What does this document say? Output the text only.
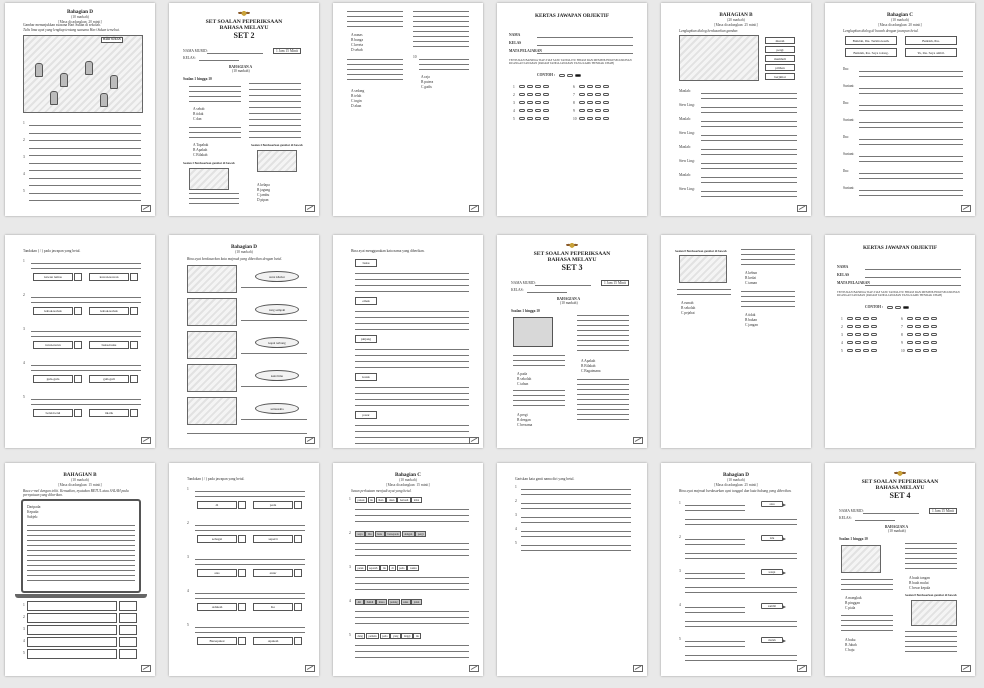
Bahagian D
(10 markah)
[Masa dicadangkan: 20 minit]
Gambar menunjukkan suasana Hari Sukan di sekolah.
Tulis lima ayat yang lengkap tentang suasana Hari Sukan tersebut.
HARI SUKAN
1
2
3
4
5
SET SOALAN PEPERIKSAAN
BAHASA MELAYU
SET 2
NAMA MURID:	1 Jam 15 Minit
KELAS:
BAHAGIAN A
(10 markah)
Soalan 1 hingga 10
A sebab
B tidak
C dan
A Tapahak
B Apakah
C Bilakah
Soalan 3 Berdasarkan gambar di bawah
Soalan 4 Berdasarkan gambar di bawah
A kelapa
B jagung
C jambu
D pipan
A nanas
B bunga
C kereta
D sebab
A sedang
B telah
C ingin
D akan
10
A raja
B putera
C gadis
KERTAS JAWAPAN OBJEKTIF
NAMA
KELAS
MATA PELAJARAN
TENTUKAN BAHAWA TIAP-TIAP SATU TANDA ITU HITAM DAN MEMENUHI KESELURUHAN RUANGAN JAWAPAN (PADAM TANDA JAWAPAN YANG KAMU HENDAK UBAH)
CONTOH :
1
2
3
4
5
6
7
8
9
10

BAHAGIAN B
(20 markah)
[Masa dicadangkan: 25 minit]
Lengkapkan dialog berdasarkan gambar.
murah
pergi
membeli
pilihan
berjimat
Mazlah:
Siew Ling:
Mazlah:
Siew Ling:
Mazlah:
Siew Ling:
Mazlah:
Siew Ling:

Bahagian C
(10 markah)
[Masa dicadangkan: 20 minit]
Lengkapkan dialog di bawah dengan jawapan betul.
Baiklah, Ibu. Terima kasih.	Baiklah, Ibu.
Baiklah, ibu. Saya tolong.	Ya, ibu. Saya ambil.
Ibu:
Suriani:
Ibu:
Suriani:
Ibu:
Suriani:
Ibu:
Suriani:

Tandakan ( / ) pada jawapan yang betul.
1
kawan lemas	kawan-kawan
2
kabak-kabak	kabak-kabak
3
turun-turun	buku-buku
4
gula-gula	guli-guli
5
betul-betul	tik-tik

Bahagian D
(10 markah)
Bina ayat berdasarkan kata majmuk yang diberikan dengan betul.
surat khabar
tong sampah
kapal terbang
kaki lima
setiausaha

Bina ayat menggunakan kata nama yang diberikan.
buku
emak
pinjang
kotak
pasar
SET SOALAN PEPERIKSAAN
BAHASA MELAYU
SET 3
NAMA MURID:	1 Jam 15 Minit
KELAS:
BAHAGIAN A
(10 markah)
Soalan 1 hingga 10
A pada
B sekolah
C tahun
A pergi
B dengan
C bersama
A Apakah
B Bilakah
C Bagaimana

Soalan 8 Berdasarkan gambar di bawah
A rumah
B sekolah
C pejabat
A kebun
B kedai
C taman
A tidak
B bukan
C jangan
KERTAS JAWAPAN OBJEKTIF
NAMA
KELAS
MATA PELAJARAN
TENTUKAN BAHAWA TIAP-TIAP SATU TANDA ITU HITAM DAN MEMENUHI KESELURUHAN RUANGAN JAWAPAN (PADAM TANDA JAWAPAN YANG KAMU HENDAK UBAH)
CONTOH :
1
2
3
4
5
6
7
8
9
10

BAHAGIAN B
(10 markah)
[Masa dicadangkan: 15 minit]
Baca e-mel dengan teliti. Kemudian, nyatakan BETUL atau SALAH pada pernyataan yang diberikan.
Daripada:
Kepada:
Subjek:
1
2
3
4
5

Tandakan ( / ) pada jawapan yang betul.
1
di	pada
2
sebagai	seperti
3
atas	antar
4
Adakah	Ke
5
Bersepakat	Apakah

Bahagian C
(10 markah)
[Masa dicadangkan: 15 minit]
Susun perkataan menjadi ayat yang betul.
1	pokok	itu	Ikan	daun	bertuah	lebat
2	saya	ibu	baru	bersepeda	dengan	pergi
3	petak	sepatah	itu	di	pada	waktu
4	Ali	Zuhdi	masa	pulang	suka	jalan
5	dang	pemula	pada	yang	tinggi	itu

Gariskan kata ganti nama diri yang betul.
1
2
3
4
5

Bahagian D
(10 markah)
[Masa dicadangkan: 25 minit]
Bina ayat majmuk berdasarkan ayat tunggal dan kata hubung yang diberikan.
1	atau
2	lalu
3	tetapi
4	sambil
5	malah
SET SOALAN PEPERIKSAAN
BAHASA MELAYU
SET 4
NAMA MURID:	1 Jam 15 Minit
KELAS:
BAHAGIAN A
(10 markah)
Soalan 1 hingga 10
A mangkuk
B pinggan
C piala
A buku
B Jubah
C baju
A buah tangan
B buah mulut
C besar kepala
Soalan 8 Berdasarkan gambar di bawah
